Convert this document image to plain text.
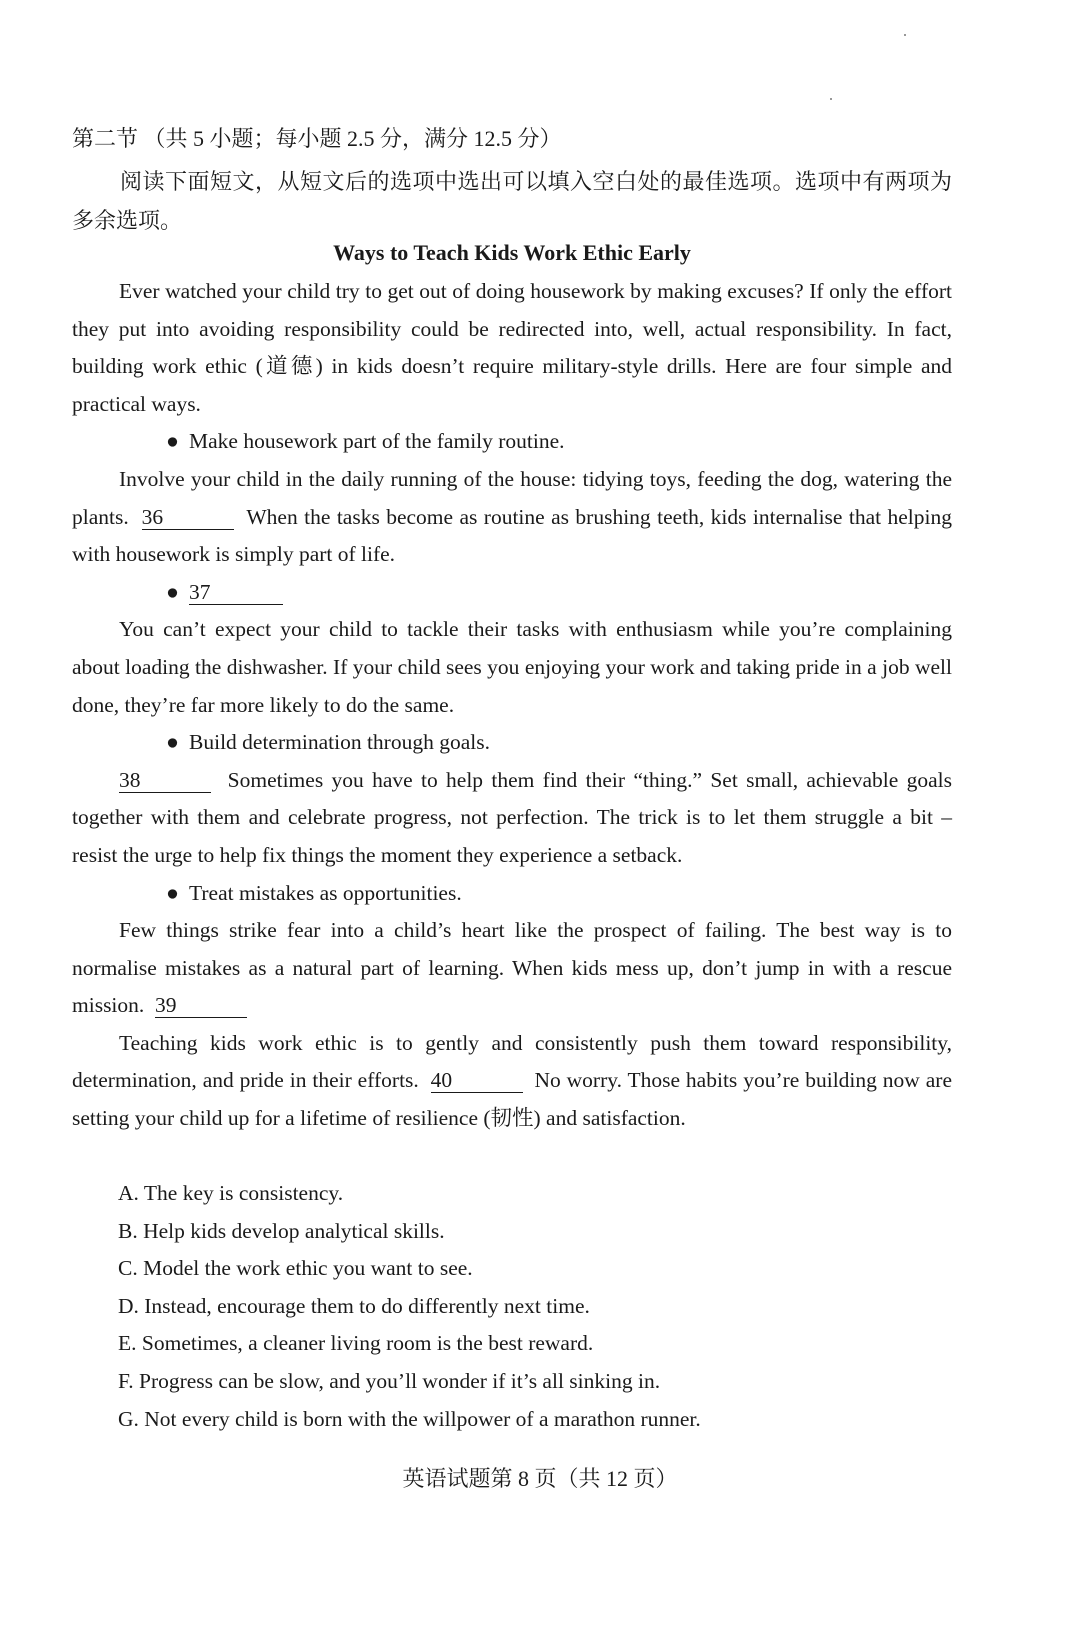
第二节 （共 5 小题；每小题 2.5 分，满分 12.5 分）
阅读下面短文，从短文后的选项中选出可以填入空白处的最佳选项。选项中有两项为多余选项。
Ways to Teach Kids Work Ethic Early

Ever watched your child try to get out of doing housework by making excuses? If only the effort they put into avoiding responsibility could be redirected into, well, actual responsibility. In fact, building work ethic (道德) in kids doesn’t require military-style drills. Here are four simple and practical ways.

● Make housework part of the family routine.

Involve your child in the daily running of the house: tidying toys, feeding the dog, watering the plants. 36	When the tasks become as routine as brushing teeth, kids internalise that helping with housework is simply part of life.

● 37

You can’t expect your child to tackle their tasks with enthusiasm while you’re complaining about loading the dishwasher. If your child sees you enjoying your work and taking pride in a job well done, they’re far more likely to do the same.

● Build determination through goals.

38	Sometimes you have to help them find their “thing.” Set small, achievable goals together with them and celebrate progress, not perfection. The trick is to let them struggle a bit – resist the urge to help fix things the moment they experience a setback.

● Treat mistakes as opportunities.

Few things strike fear into a child’s heart like the prospect of failing. The best way is to normalise mistakes as a natural part of learning. When kids mess up, don’t jump in with a rescue mission. 39

Teaching kids work ethic is to gently and consistently push them toward responsibility, determination, and pride in their efforts. 40	No worry. Those habits you’re building now are setting your child up for a lifetime of resilience (韧性) and satisfaction.

A. The key is consistency.
B. Help kids develop analytical skills.
C. Model the work ethic you want to see.
D. Instead, encourage them to do differently next time.
E. Sometimes, a cleaner living room is the best reward.
F. Progress can be slow, and you’ll wonder if it’s all sinking in.
G. Not every child is born with the willpower of a marathon runner.
英语试题第 8 页（共 12 页）
